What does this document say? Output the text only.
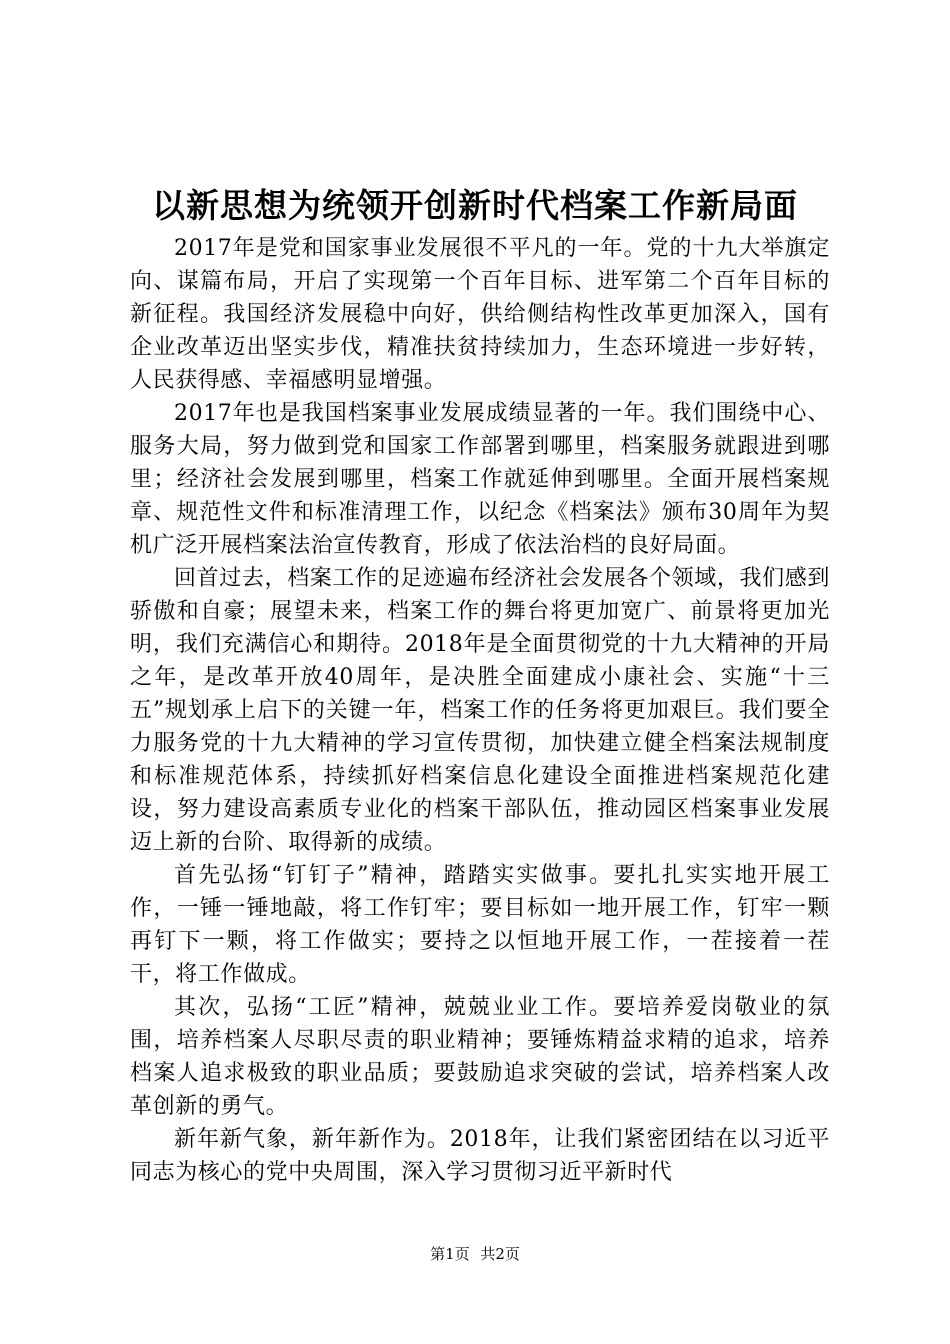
以新思想为统领开创新时代档案工作新局面

2017年是党和国家事业发展很不平凡的一年。党的十九大举旗定向、谋篇布局，开启了实现第一个百年目标、进军第二个百年目标的新征程。我国经济发展稳中向好，供给侧结构性改革更加深入，国有企业改革迈出坚实步伐，精准扶贫持续加力，生态环境进一步好转，人民获得感、幸福感明显增强。

2017年也是我国档案事业发展成绩显著的一年。我们围绕中心、服务大局，努力做到党和国家工作部署到哪里，档案服务就跟进到哪里；经济社会发展到哪里，档案工作就延伸到哪里。全面开展档案规章、规范性文件和标准清理工作，以纪念《档案法》颁布30周年为契机广泛开展档案法治宣传教育，形成了依法治档的良好局面。

回首过去，档案工作的足迹遍布经济社会发展各个领域，我们感到骄傲和自豪；展望未来，档案工作的舞台将更加宽广、前景将更加光明，我们充满信心和期待。2018年是全面贯彻党的十九大精神的开局之年，是改革开放40周年，是决胜全面建成小康社会、实施“十三五”规划承上启下的关键一年，档案工作的任务将更加艰巨。我们要全力服务党的十九大精神的学习宣传贯彻，加快建立健全档案法规制度和标准规范体系，持续抓好档案信息化建设全面推进档案规范化建设，努力建设高素质专业化的档案干部队伍，推动园区档案事业发展迈上新的台阶、取得新的成绩。

首先弘扬“钉钉子”精神，踏踏实实做事。要扎扎实实地开展工作，一锤一锤地敲，将工作钉牢；要目标如一地开展工作，钉牢一颗再钉下一颗，将工作做实；要持之以恒地开展工作，一茬接着一茬干，将工作做成。

其次，弘扬“工匠”精神，兢兢业业工作。要培养爱岗敬业的氛围，培养档案人尽职尽责的职业精神；要锤炼精益求精的追求，培养档案人追求极致的职业品质；要鼓励追求突破的尝试，培养档案人改革创新的勇气。

新年新气象，新年新作为。2018年，让我们紧密团结在以习近平同志为核心的党中央周围，深入学习贯彻习近平新时代

第1页 共2页
